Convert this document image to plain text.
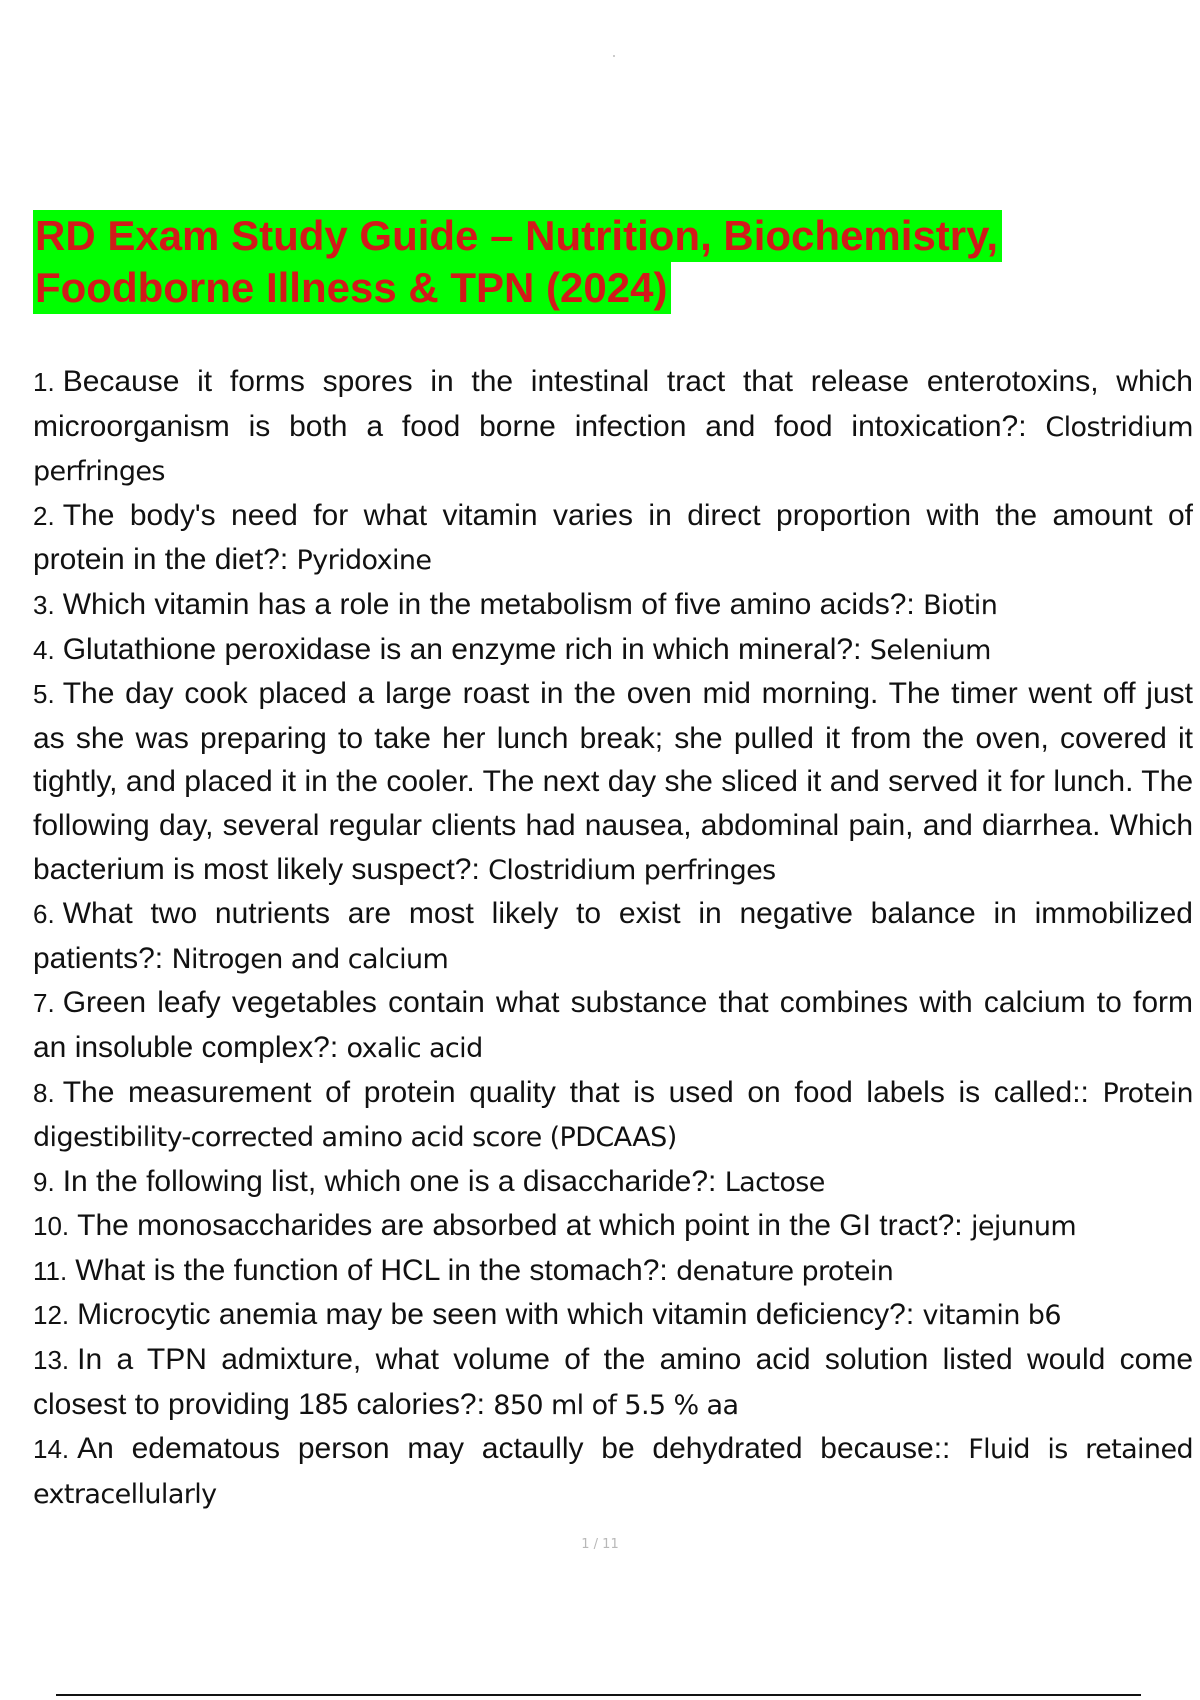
RD Exam Study Guide – Nutrition, Biochemistry,
Foodborne Illness & TPN (2024)
1. Because it forms spores in the intestinal tract that release enterotoxins, which microorganism is both a food borne infection and food intoxication?: Clostridium perfringes
2. The body's need for what vitamin varies in direct proportion with the amount of protein in the diet?: Pyridoxine
3. Which vitamin has a role in the metabolism of five amino acids?: Biotin
4. Glutathione peroxidase is an enzyme rich in which mineral?: Selenium
5. The day cook placed a large roast in the oven mid morning. The timer went off just as she was preparing to take her lunch break; she pulled it from the oven, covered it tightly, and placed it in the cooler. The next day she sliced it and served it for lunch. The following day, several regular clients had nausea, abdominal pain, and diarrhea. Which bacterium is most likely suspect?: Clostridium perfringes
6. What two nutrients are most likely to exist in negative balance in immobilized patients?: Nitrogen and calcium
7. Green leafy vegetables contain what substance that combines with calcium to form an insoluble complex?: oxalic acid
8. The measurement of protein quality that is used on food labels is called:: Protein digestibility-corrected amino acid score (PDCAAS)
9. In the following list, which one is a disaccharide?: Lactose
10. The monosaccharides are absorbed at which point in the GI tract?: jejunum
11. What is the function of HCL in the stomach?: denature protein
12. Microcytic anemia may be seen with which vitamin deficiency?: vitamin b6
13. In a TPN admixture, what volume of the amino acid solution listed would come closest to providing 185 calories?: 850 ml of 5.5 % aa
14. An edematous person may actaully be dehydrated because:: Fluid is retained extracellularly
1 / 11
